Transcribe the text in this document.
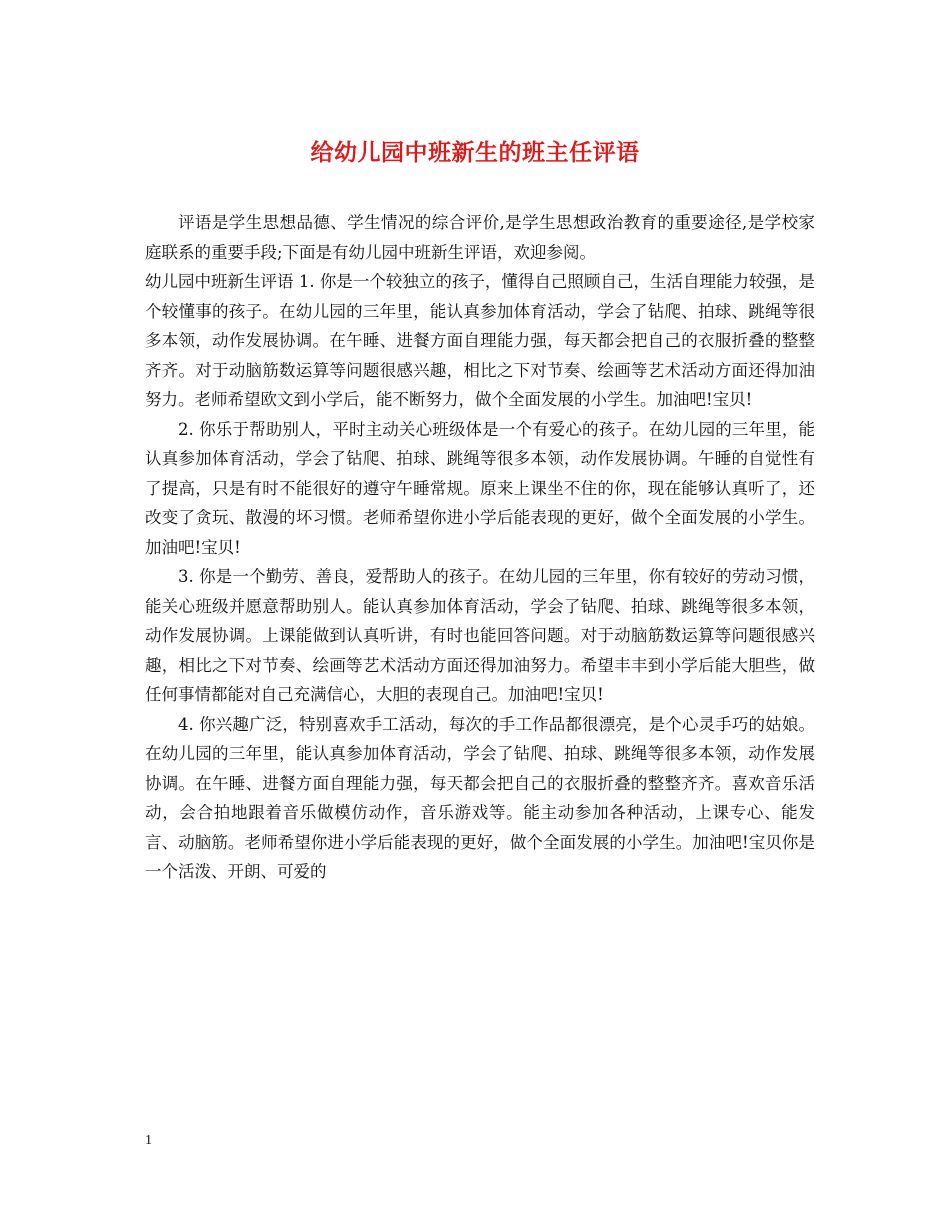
给幼儿园中班新生的班主任评语

评语是学生思想品德、学生情况的综合评价,是学生思想政治教育的重要途径,是学校家庭联系的重要手段;下面是有幼儿园中班新生评语，欢迎参阅。

幼儿园中班新生评语 1. 你是一个较独立的孩子，懂得自己照顾自己，生活自理能力较强，是个较懂事的孩子。在幼儿园的三年里，能认真参加体育活动，学会了钻爬、拍球、跳绳等很多本领，动作发展协调。在午睡、进餐方面自理能力强，每天都会把自己的衣服折叠的整整齐齐。对于动脑筋数运算等问题很感兴趣，相比之下对节奏、绘画等艺术活动方面还得加油努力。老师希望欧文到小学后，能不断努力，做个全面发展的小学生。加油吧!宝贝!

2. 你乐于帮助别人，平时主动关心班级体是一个有爱心的孩子。在幼儿园的三年里，能认真参加体育活动，学会了钻爬、拍球、跳绳等很多本领，动作发展协调。午睡的自觉性有了提高，只是有时不能很好的遵守午睡常规。原来上课坐不住的你，现在能够认真听了，还改变了贪玩、散漫的坏习惯。老师希望你进小学后能表现的更好，做个全面发展的小学生。加油吧!宝贝!

3. 你是一个勤劳、善良，爱帮助人的孩子。在幼儿园的三年里，你有较好的劳动习惯，能关心班级并愿意帮助别人。能认真参加体育活动，学会了钻爬、拍球、跳绳等很多本领，动作发展协调。上课能做到认真听讲，有时也能回答问题。对于动脑筋数运算等问题很感兴趣，相比之下对节奏、绘画等艺术活动方面还得加油努力。希望丰丰到小学后能大胆些，做任何事情都能对自己充满信心，大胆的表现自己。加油吧!宝贝!

4. 你兴趣广泛，特别喜欢手工活动，每次的手工作品都很漂亮，是个心灵手巧的姑娘。在幼儿园的三年里，能认真参加体育活动，学会了钻爬、拍球、跳绳等很多本领，动作发展协调。在午睡、进餐方面自理能力强，每天都会把自己的衣服折叠的整整齐齐。喜欢音乐活动，会合拍地跟着音乐做模仿动作，音乐游戏等。能主动参加各种活动，上课专心、能发言、动脑筋。老师希望你进小学后能表现的更好，做个全面发展的小学生。加油吧!宝贝你是一个活泼、开朗、可爱的

1
